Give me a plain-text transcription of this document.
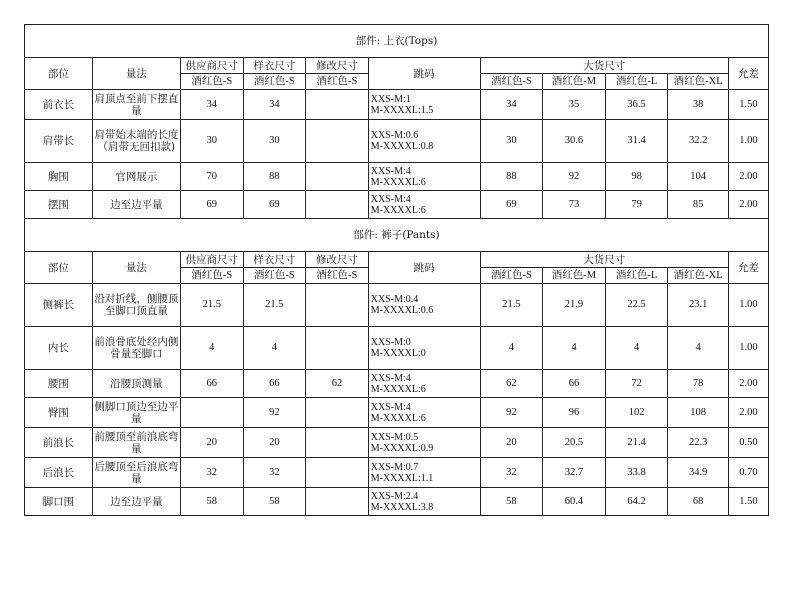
部件: 上衣(Tops)										
部位	量法	供应商尺寸	样衣尺寸	修改尺寸	跳码	大货尺寸				允差
		酒红色-S	酒红色-S	酒红色-S		酒红色-S	酒红色-M	酒红色-L	酒红色-XL	
前衣长	肩顶点至前下摆直量	34	34		XXS-M:1
M-XXXXL:1.5	34	35	36.5	38	1.50
肩带长	肩带始末端的长度（肩带无回扣款)	30	30		XXS-M:0.6
M-XXXXL:0.8	30	30.6	31.4	32.2	1.00
胸围	官网展示	70	88		XXS-M:4
M-XXXXL:6	88	92	98	104	2.00
摆围	边至边平量	69	69		XXS-M:4
M-XXXXL:6	69	73	79	85	2.00
部件: 裤子(Pants)										
部位	量法	供应商尺寸	样衣尺寸	修改尺寸	跳码	大货尺寸				允差
		酒红色-S	酒红色-S	酒红色-S		酒红色-S	酒红色-M	酒红色-L	酒红色-XL	
侧裤长	沿对折线，侧腰顶至脚口顶直量	21.5	21.5		XXS-M:0.4
M-XXXXL:0.6	21.5	21.9	22.5	23.1	1.00
内长	前浪骨底处经内侧骨量至脚口	4	4		XXS-M:0
M-XXXXL:0	4	4	4	4	1.00
腰围	沿腰顶测量	66	66	62	XXS-M:4
M-XXXXL:6	62	66	72	78	2.00
臀围	侧脚口顶边至边平量		92		XXS-M:4
M-XXXXL:6	92	96	102	108	2.00
前浪长	前腰顶至前浪底弯量	20	20		XXS-M:0.5
M-XXXXL:0.9	20	20.5	21.4	22.3	0.50
后浪长	后腰顶至后浪底弯量	32	32		XXS-M:0.7
M-XXXXL:1.1	32	32.7	33.8	34.9	0.70
脚口围	边至边平量	58	58		XXS-M:2.4
M-XXXXL:3.8	58	60.4	64.2	68	1.50
